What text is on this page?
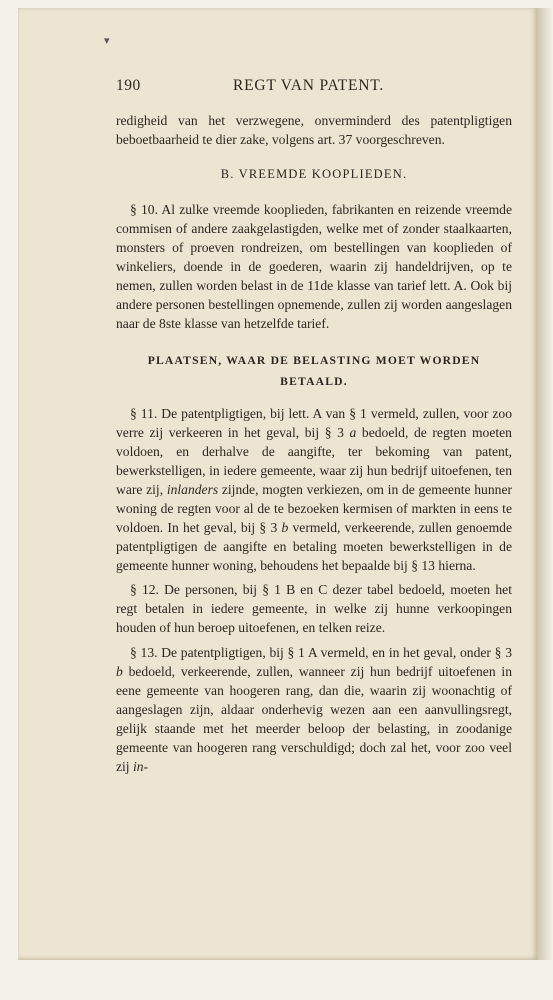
▾
190	REGT VAN PATENT.

redigheid van het verzwegene, onverminderd des patentpligtigen beboetbaarheid te dier zake, volgens art. 37 voorgeschreven.

B. VREEMDE KOOPLIEDEN.

§ 10. Al zulke vreemde kooplieden, fabrikanten en reizende vreemde commisen of andere zaakgelastigden, welke met of zonder staalkaarten, monsters of proeven rondreizen, om bestellingen van kooplieden of winkeliers, doende in de goederen, waarin zij handeldrijven, op te nemen, zullen worden belast in de 11de klasse van tarief lett. A. Ook bij andere personen bestellingen opnemende, zullen zij worden aangeslagen naar de 8ste klasse van hetzelfde tarief.

PLAATSEN, WAAR DE BELASTING MOET WORDEN BETAALD.

§ 11. De patentpligtigen, bij lett. A van § 1 vermeld, zullen, voor zoo verre zij verkeeren in het geval, bij § 3 a bedoeld, de regten moeten voldoen, en derhalve de aangifte, ter bekoming van patent, bewerkstelligen, in iedere gemeente, waar zij hun bedrijf uitoefenen, ten ware zij, inlanders zijnde, mogten verkiezen, om in de gemeente hunner woning de regten voor al de te bezoeken kermisen of markten in eens te voldoen. In het geval, bij § 3 b vermeld, verkeerende, zullen genoemde patentpligtigen de aangifte en betaling moeten bewerkstelligen in de gemeente hunner woning, behoudens het bepaalde bij § 13 hierna.

§ 12. De personen, bij § 1 B en C dezer tabel bedoeld, moeten het regt betalen in iedere gemeente, in welke zij hunne verkoopingen houden of hun beroep uitoefenen, en telken reize.

§ 13. De patentpligtigen, bij § 1 A vermeld, en in het geval, onder § 3 b bedoeld, verkeerende, zullen, wanneer zij hun bedrijf uitoefenen in eene gemeente van hoogeren rang, dan die, waarin zij woonachtig of aangeslagen zijn, aldaar onderhevig wezen aan een aanvullingsregt, gelijk staande met het meerder beloop der belasting, in zoodanige gemeente van hoogeren rang verschuldigd; doch zal het, voor zoo veel zij in-
